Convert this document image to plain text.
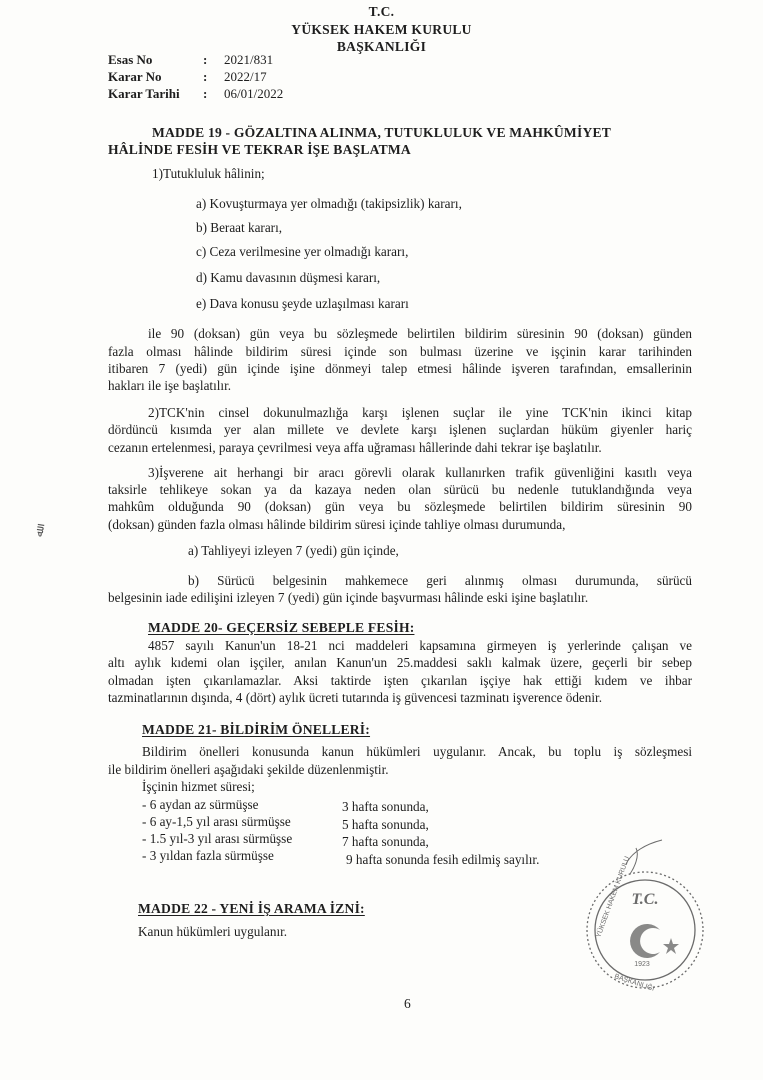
T.C.
YÜKSEK HAKEM KURULU
BAŞKANLIĞI
Esas No	: 2021/831
Karar No	: 2022/17
Karar Tarihi : 06/01/2022
MADDE 19 - GÖZALTINA ALINMA, TUTUKLULUK VE MAHKÛMİYET
HÂLİNDE FESİH VE TEKRAR İŞE BAŞLATMA
1)Tutukluluk hâlinin;
a) Kovuşturmaya yer olmadığı (takipsizlik) kararı,
b) Beraat kararı,
c) Ceza verilmesine yer olmadığı kararı,
d) Kamu davasının düşmesi kararı,
e) Dava konusu şeyde uzlaşılması kararı
ile 90 (doksan) gün veya bu sözleşmede belirtilen bildirim süresinin 90 (doksan) günden
fazla olması hâlinde bildirim süresi içinde son bulması üzerine ve işçinin karar tarihinden
itibaren 7 (yedi) gün içinde işine dönmeyi talep etmesi hâlinde işveren tarafından, emsallerinin
hakları ile işe başlatılır.
2)TCK'nin cinsel dokunulmazlığa karşı işlenen suçlar ile yine TCK'nin ikinci kitap
dördüncü kısımda yer alan millete ve devlete karşı işlenen suçlardan hüküm giyenler hariç
cezanın ertelenmesi, paraya çevrilmesi veya affa uğraması hâllerinde dahi tekrar işe başlatılır.
3)İşverene ait herhangi bir aracı görevli olarak kullanırken trafik güvenliğini kasıtlı veya
taksirle tehlikeye sokan ya da kazaya neden olan sürücü bu nedenle tutuklandığında veya
mahkûm olduğunda 90 (doksan) gün veya bu sözleşmede belirtilen bildirim süresinin 90
(doksan) günden fazla olması hâlinde bildirim süresi içinde tahliye olması durumunda,
a) Tahliyeyi izleyen 7 (yedi) gün içinde,
b) Sürücü belgesinin mahkemece geri alınmış olması durumunda, sürücü
belgesinin iade edilişini izleyen 7 (yedi) gün içinde başvurması hâlinde eski işine başlatılır.
MADDE 20- GEÇERSİZ SEBEPLE FESİH:
4857 sayılı Kanun'un 18-21 nci maddeleri kapsamına girmeyen iş yerlerinde çalışan ve
altı aylık kıdemi olan işçiler, anılan Kanun'un 25.maddesi saklı kalmak üzere, geçerli bir sebep
olmadan işten çıkarılamazlar. Aksi taktirde işten çıkarılan işçiye hak ettiği kıdem ve ihbar
tazminatlarının dışında, 4 (dört) aylık ücreti tutarında iş güvencesi tazminatı işverence ödenir.
MADDE 21- BİLDİRİM ÖNELLERİ:
Bildirim önelleri konusunda kanun hükümleri uygulanır. Ancak, bu toplu iş sözleşmesi
ile bildirim önelleri aşağıdaki şekilde düzenlenmiştir.
İşçinin hizmet süresi;
- 6 aydan az sürmüşse	3 hafta sonunda,
- 6 ay-1,5 yıl arası sürmüşse	5 hafta sonunda,
- 1.5 yıl-3 yıl arası sürmüşse	7 hafta sonunda,
- 3 yıldan fazla sürmüşse	9 hafta sonunda fesih edilmiş sayılır.
MADDE 22 - YENİ İŞ ARAMA İZNİ:
Kanun hükümleri uygulanır.
ﷲ
6
T.C.
1923
YÜKSEK HAKEM KURULU
BAŞKANLIĞI
